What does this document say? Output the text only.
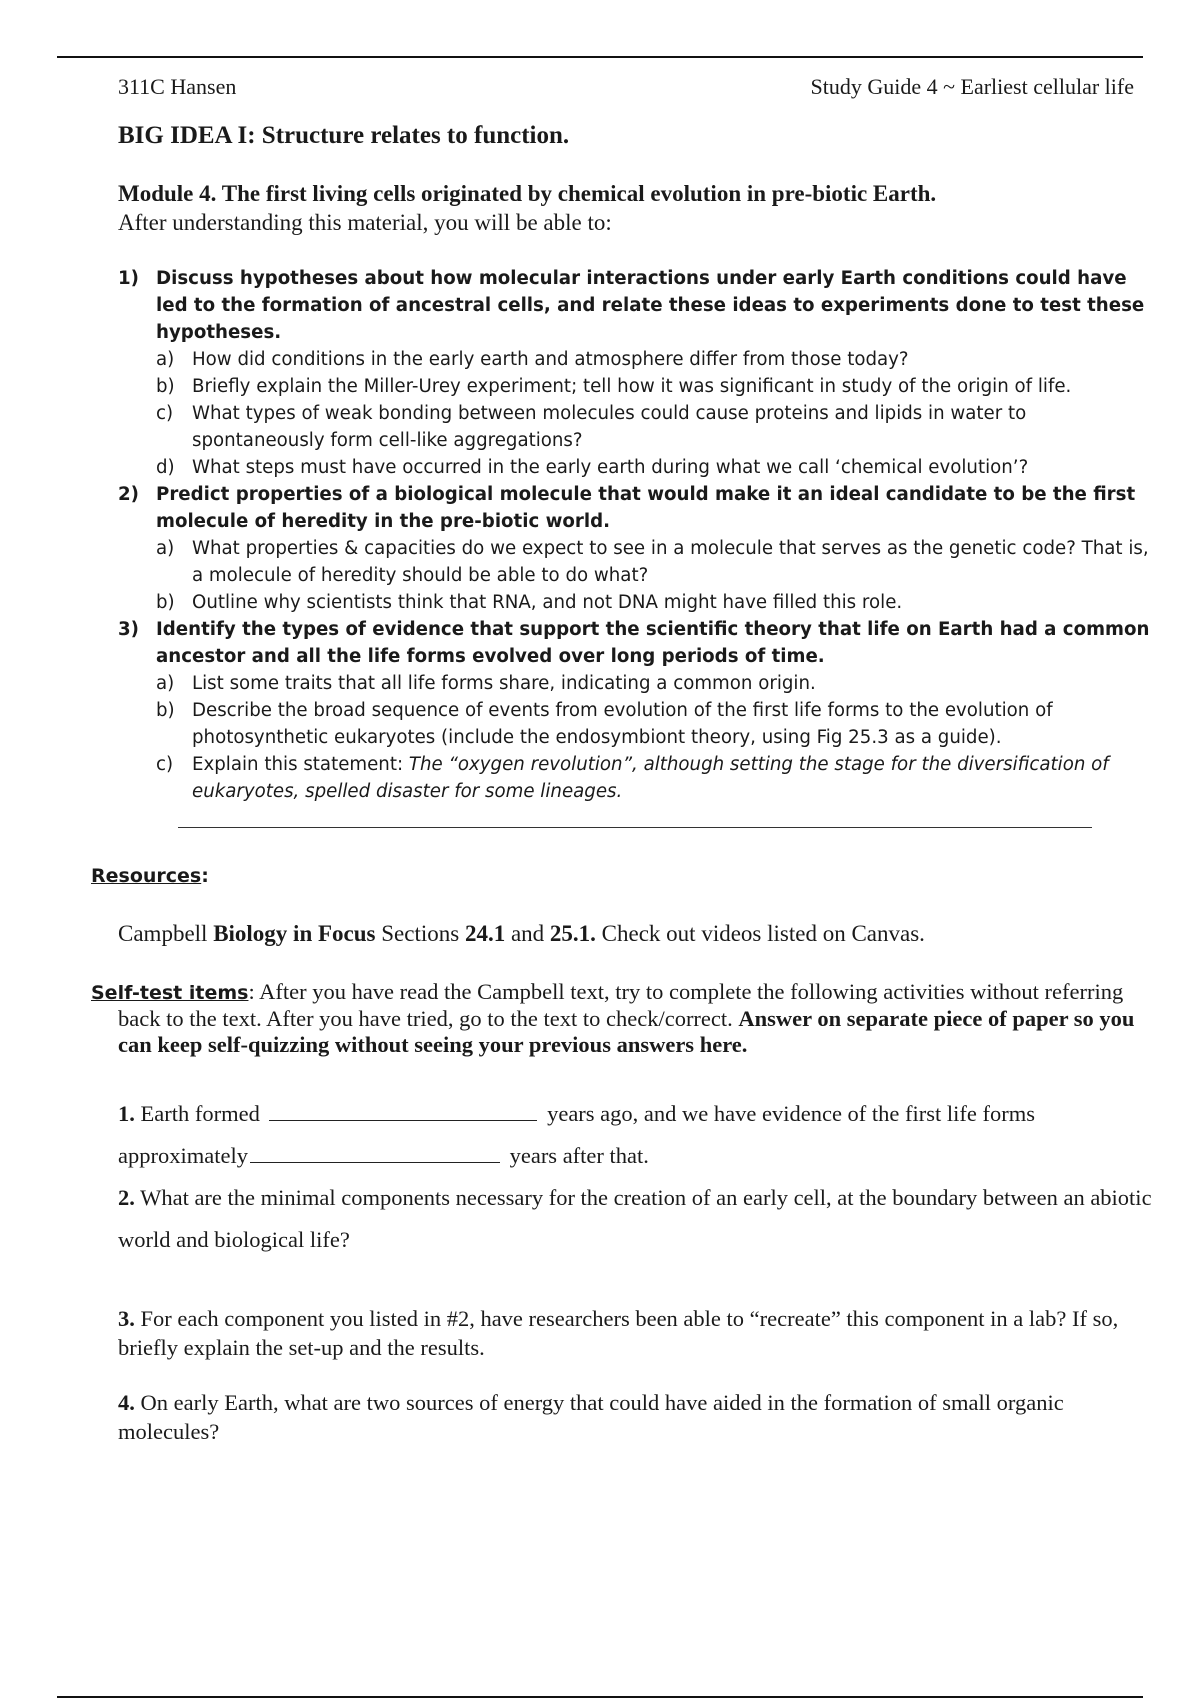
311C Hansen	Study Guide 4 ~ Earliest cellular life
BIG IDEA I: Structure relates to function.
Module 4. The first living cells originated by chemical evolution in pre-biotic Earth.
After understanding this material, you will be able to:
1) Discuss hypotheses about how molecular interactions under early Earth conditions could have led to the formation of ancestral cells, and relate these ideas to experiments done to test these hypotheses.
a) How did conditions in the early earth and atmosphere differ from those today?
b) Briefly explain the Miller-Urey experiment; tell how it was significant in study of the origin of life.
c) What types of weak bonding between molecules could cause proteins and lipids in water to spontaneously form cell-like aggregations?
d) What steps must have occurred in the early earth during what we call ‘chemical evolution’?
2) Predict properties of a biological molecule that would make it an ideal candidate to be the first molecule of heredity in the pre-biotic world.
a) What properties & capacities do we expect to see in a molecule that serves as the genetic code? That is, a molecule of heredity should be able to do what?
b) Outline why scientists think that RNA, and not DNA might have filled this role.
3) Identify the types of evidence that support the scientific theory that life on Earth had a common ancestor and all the life forms evolved over long periods of time.
a) List some traits that all life forms share, indicating a common origin.
b) Describe the broad sequence of events from evolution of the first life forms to the evolution of photosynthetic eukaryotes (include the endosymbiont theory, using Fig 25.3 as a guide).
c) Explain this statement: The “oxygen revolution”, although setting the stage for the diversification of eukaryotes, spelled disaster for some lineages.
Resources:
Campbell Biology in Focus Sections 24.1 and 25.1. Check out videos listed on Canvas.
Self-test items: After you have read the Campbell text, try to complete the following activities without referring back to the text. After you have tried, go to the text to check/correct. Answer on separate piece of paper so you can keep self-quizzing without seeing your previous answers here.
1. Earth formed	years ago, and we have evidence of the first life forms approximately	years after that.
2. What are the minimal components necessary for the creation of an early cell, at the boundary between an abiotic world and biological life?
3. For each component you listed in #2, have researchers been able to “recreate” this component in a lab? If so, briefly explain the set-up and the results.
4. On early Earth, what are two sources of energy that could have aided in the formation of small organic molecules?
